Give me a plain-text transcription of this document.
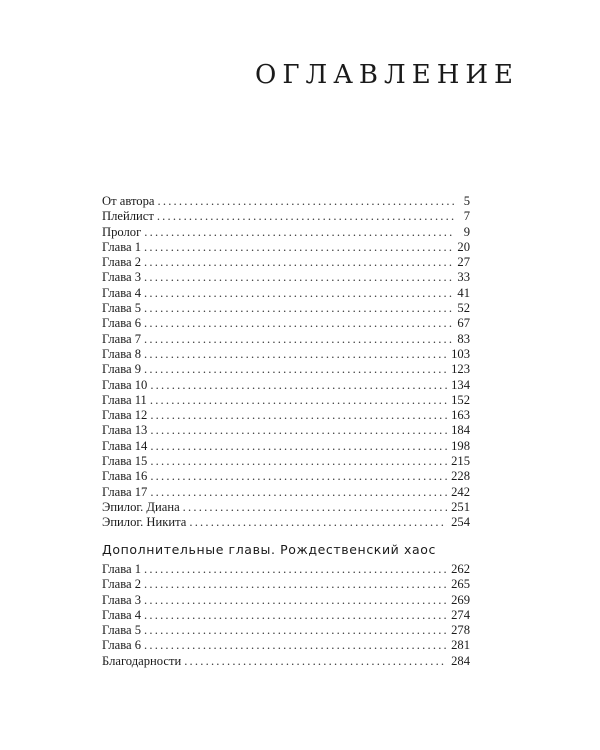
ОГЛАВЛЕНИЕ
От автора .....	5
Плейлист .....	7
Пролог .....	9
Глава 1 .....	20
Глава 2 .....	27
Глава 3 .....	33
Глава 4 .....	41
Глава 5 .....	52
Глава 6 .....	67
Глава 7 .....	83
Глава 8 .....	103
Глава 9 .....	123
Глава 10 .....	134
Глава 11 .....	152
Глава 12 .....	163
Глава 13 .....	184
Глава 14 .....	198
Глава 15 .....	215
Глава 16 .....	228
Глава 17 .....	242
Эпилог. Диана .....	251
Эпилог. Никита .....	254
Дополнительные главы. Рождественский хаос
Глава 1 .....	262
Глава 2 .....	265
Глава 3 .....	269
Глава 4 .....	274
Глава 5 .....	278
Глава 6 .....	281
Благодарности .....	284
